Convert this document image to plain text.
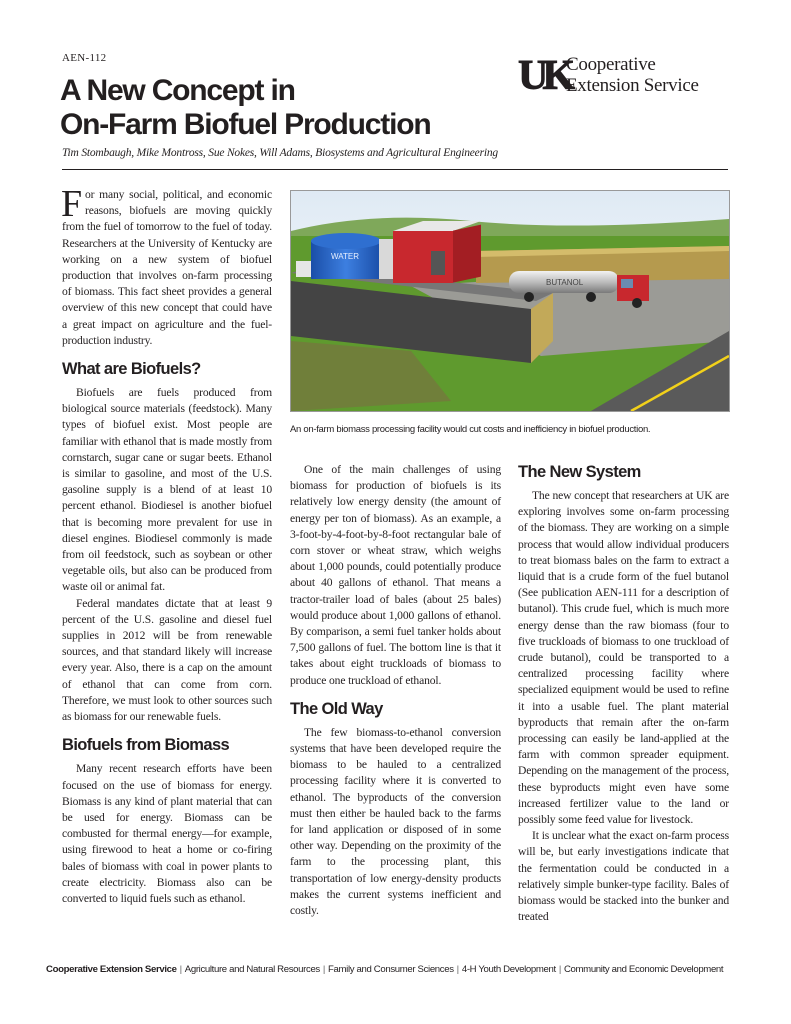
AEN-112
A New Concept in
On-Farm Biofuel Production
Tim Stombaugh, Mike Montross, Sue Nokes, Will Adams, Biosystems and Agricultural Engineering
UK
Cooperative
Extension Service
WATER
BUTANOL
An on-farm biomass processing facility would cut costs and inefficiency in biofuel production.

For many social, political, and economic reasons, biofuels are moving quickly from the fuel of tomorrow to the fuel of today. Researchers at the University of Kentucky are working on a new system of biofuel production that involves on-farm processing of biomass. This fact sheet provides a general overview of this new concept that could have a great impact on agriculture and the fuel-production industry.

What are Biofuels?

Biofuels are fuels produced from biological source materials (feedstock). Many types of biofuel exist. Most people are familiar with ethanol that is made mostly from cornstarch, sugar cane or sugar beets. Ethanol is similar to gasoline, and most of the U.S. gasoline supply is a blend of at least 10 percent ethanol. Biodiesel is another biofuel that is becoming more prevalent for use in diesel engines. Biodiesel commonly is made from oil feedstock, such as soybean or other vegetable oils, but also can be produced from waste oil or animal fat.

Federal mandates dictate that at least 9 percent of the U.S. gasoline and diesel fuel supplies in 2012 will be from renewable sources, and that standard likely will increase every year. Also, there is a cap on the amount of ethanol that can come from corn. Therefore, we must look to other sources such as biomass for our renewable fuels.

Biofuels from Biomass

Many recent research efforts have been focused on the use of biomass for energy. Biomass is any kind of plant material that can be used for energy. Biomass can be combusted for thermal energy—for example, using firewood to heat a home or co-firing bales of biomass with coal in power plants to create electricity. Biomass also can be converted to liquid fuels such as ethanol.

One of the main challenges of using biomass for production of biofuels is its relatively low energy density (the amount of energy per ton of biomass). As an example, a 3-foot-by-4-foot-by-8-foot rectangular bale of corn stover or wheat straw, which weighs about 1,000 pounds, could potentially produce about 40 gallons of ethanol. That means a tractor-trailer load of bales (about 25 bales) would produce about 1,000 gallons of ethanol. By comparison, a semi fuel tanker holds about 7,500 gallons of fuel. The bottom line is that it takes about eight truckloads of biomass to produce one truckload of ethanol.

The Old Way

The few biomass-to-ethanol conversion systems that have been developed require the biomass to be hauled to a centralized processing facility where it is converted to ethanol. The byproducts of the conversion must then either be hauled back to the farms for land application or disposed of in some other way. Depending on the proximity of the farm to the processing plant, this transportation of low energy-density products makes the current systems inefficient and costly.

The New System

The new concept that researchers at UK are exploring involves some on-farm processing of the biomass. They are working on a simple process that would allow individual producers to treat biomass bales on the farm to extract a liquid that is a crude form of the fuel butanol (See publication AEN-111 for a description of butanol). This crude fuel, which is much more energy dense than the raw biomass (four to five truckloads of biomass to one truckload of crude butanol), could be transported to a centralized processing facility where specialized equipment would be used to refine it into a usable fuel. The plant material byproducts that remain after the on-farm processing can easily be land-applied at the farm with common spreader equipment. Depending on the management of the process, these byproducts might even have some increased fertilizer value to the land or possibly some feed value for livestock.

It is unclear what the exact on-farm process will be, but early investigations indicate that the fermentation could be conducted in a relatively simple bunker-type facility. Bales of biomass would be stacked into the bunker and treated

Cooperative Extension Service | Agriculture and Natural Resources | Family and Consumer Sciences | 4-H Youth Development | Community and Economic Development
